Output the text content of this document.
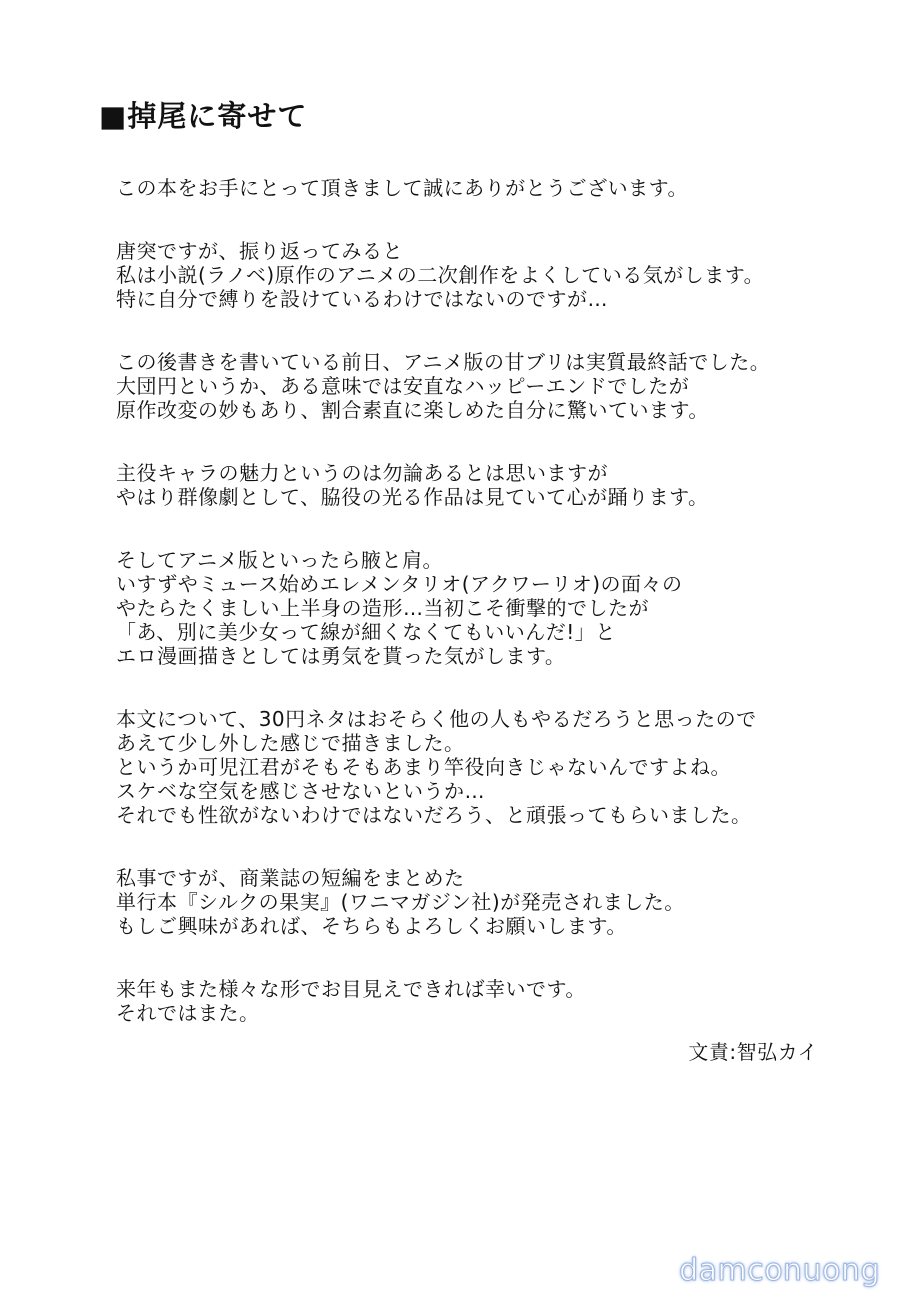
■掉尾に寄せて
この本をお手にとって頂きまして誠にありがとうございます。
唐突ですが、振り返ってみると
私は小説(ラノベ)原作のアニメの二次創作をよくしている気がします。
特に自分で縛りを設けているわけではないのですが…
この後書きを書いている前日、アニメ版の甘ブリは実質最終話でした。
大団円というか、ある意味では安直なハッピーエンドでしたが
原作改変の妙もあり、割合素直に楽しめた自分に驚いています。
主役キャラの魅力というのは勿論あるとは思いますが
やはり群像劇として、脇役の光る作品は見ていて心が踊ります。
そしてアニメ版といったら腋と肩。
いすずやミュース始めエレメンタリオ(アクワーリオ)の面々の
やたらたくましい上半身の造形…当初こそ衝撃的でしたが
「あ、別に美少女って線が細くなくてもいいんだ!」と
エロ漫画描きとしては勇気を貰った気がします。
本文について、30円ネタはおそらく他の人もやるだろうと思ったので
あえて少し外した感じで描きました。
というか可児江君がそもそもあまり竿役向きじゃないんですよね。
スケベな空気を感じさせないというか…
それでも性欲がないわけではないだろう、と頑張ってもらいました。
私事ですが、商業誌の短編をまとめた
単行本『シルクの果実』(ワニマガジン社)が発売されました。
もしご興味があれば、そちらもよろしくお願いします。
来年もまた様々な形でお目見えできれば幸いです。
それではまた。
文責:智弘カイ
damconuong
